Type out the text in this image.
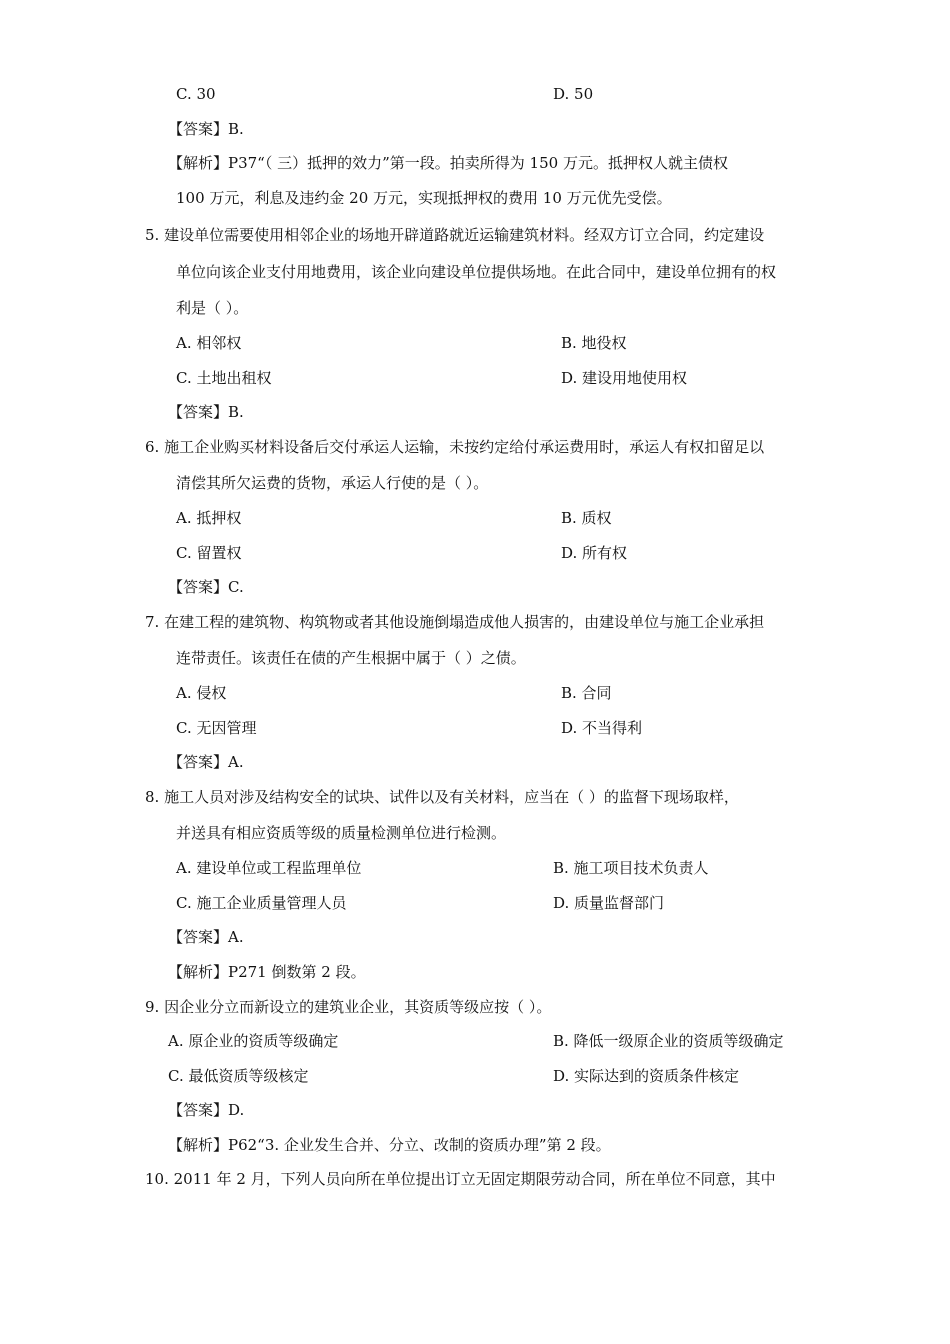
C. 30	D. 50
【答案】B.
【解析】P37“（ 三）抵押的效力”第一段。拍卖所得为 150 万元。抵押权人就主债权
100 万元，利息及违约金 20 万元，实现抵押权的费用 10 万元优先受偿。
5. 建设单位需要使用相邻企业的场地开辟道路就近运输建筑材料。经双方订立合同，约定建设
单位向该企业支付用地费用，该企业向建设单位提供场地。在此合同中，建设单位拥有的权
利是（ ）。
A. 相邻权	B. 地役权
C. 土地出租权	D. 建设用地使用权
【答案】B.
6. 施工企业购买材料设备后交付承运人运输，未按约定给付承运费用时，承运人有权扣留足以
清偿其所欠运费的货物，承运人行使的是（ ）。
A. 抵押权	B. 质权
C. 留置权	D. 所有权
【答案】C.
7. 在建工程的建筑物、构筑物或者其他设施倒塌造成他人损害的，由建设单位与施工企业承担
连带责任。该责任在债的产生根据中属于（ ）之债。
A. 侵权	B. 合同
C. 无因管理	D. 不当得利
【答案】A.
8. 施工人员对涉及结构安全的试块、试件以及有关材料，应当在（ ）的监督下现场取样，
并送具有相应资质等级的质量检测单位进行检测。
A. 建设单位或工程监理单位	B. 施工项目技术负责人
C. 施工企业质量管理人员	D. 质量监督部门
【答案】A.
【解析】P271 倒数第 2 段。
9. 因企业分立而新设立的建筑业企业，其资质等级应按（ ）。
A. 原企业的资质等级确定	B. 降低一级原企业的资质等级确定
C. 最低资质等级核定	D. 实际达到的资质条件核定
【答案】D.
【解析】P62“3. 企业发生合并、分立、改制的资质办理”第 2 段。
10. 2011 年 2 月，下列人员向所在单位提出订立无固定期限劳动合同，所在单位不同意，其中
